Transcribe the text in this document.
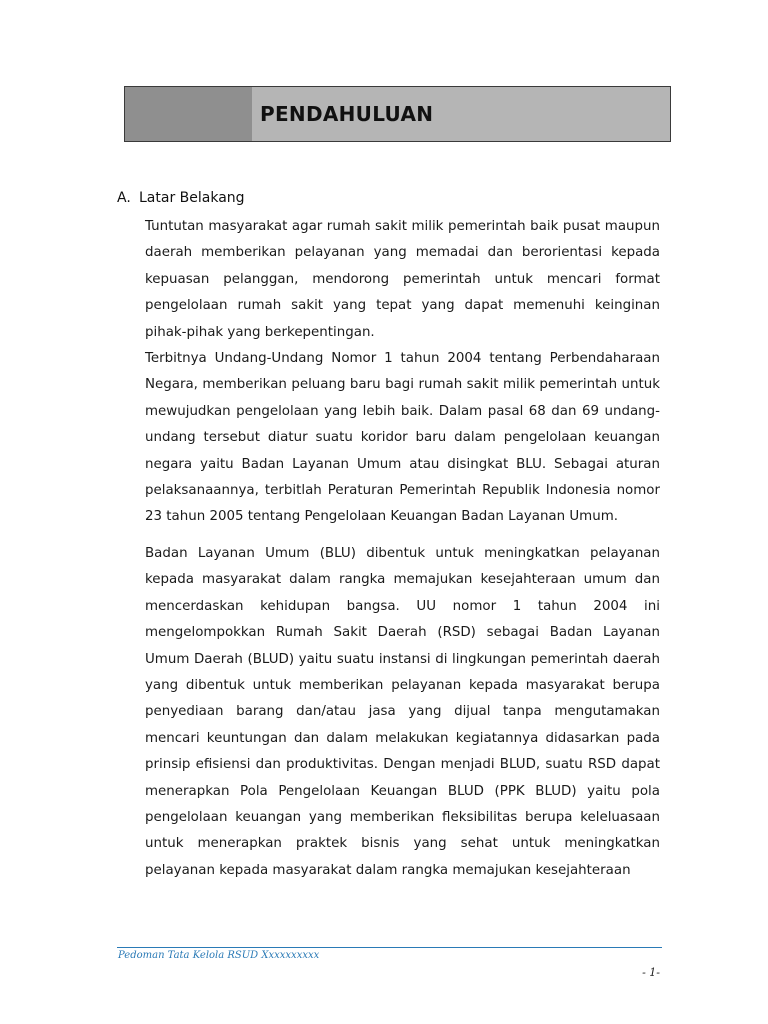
PENDAHULUAN
A. Latar Belakang

Tuntutan masyarakat agar rumah sakit milik pemerintah baik pusat maupun daerah memberikan pelayanan yang memadai dan berorientasi kepada kepuasan pelanggan, mendorong pemerintah untuk mencari format pengelolaan rumah sakit yang tepat yang dapat memenuhi keinginan pihak-pihak yang berkepentingan.

Terbitnya Undang-Undang Nomor 1 tahun 2004 tentang Perbendaharaan Negara, memberikan peluang baru bagi rumah sakit milik pemerintah untuk mewujudkan pengelolaan yang lebih baik. Dalam pasal 68 dan 69 undang-undang tersebut diatur suatu koridor baru dalam pengelolaan keuangan negara yaitu Badan Layanan Umum atau disingkat BLU. Sebagai aturan pelaksanaannya, terbitlah Peraturan Pemerintah Republik Indonesia nomor 23 tahun 2005 tentang Pengelolaan Keuangan Badan Layanan Umum.

Badan Layanan Umum (BLU) dibentuk untuk meningkatkan pelayanan kepada masyarakat dalam rangka memajukan kesejahteraan umum dan mencerdaskan kehidupan bangsa. UU nomor 1 tahun 2004 ini mengelompokkan Rumah Sakit Daerah (RSD) sebagai Badan Layanan Umum Daerah (BLUD) yaitu suatu instansi di lingkungan pemerintah daerah yang dibentuk untuk memberikan pelayanan kepada masyarakat berupa penyediaan barang dan/atau jasa yang dijual tanpa mengutamakan mencari keuntungan dan dalam melakukan kegiatannya didasarkan pada prinsip efisiensi dan produktivitas. Dengan menjadi BLUD, suatu RSD dapat menerapkan Pola Pengelolaan Keuangan BLUD (PPK BLUD) yaitu pola pengelolaan keuangan yang memberikan fleksibilitas berupa keleluasaan untuk menerapkan praktek bisnis yang sehat untuk meningkatkan pelayanan kepada masyarakat dalam rangka memajukan kesejahteraan

Pedoman Tata Kelola RSUD Xxxxxxxxxx
- 1-
